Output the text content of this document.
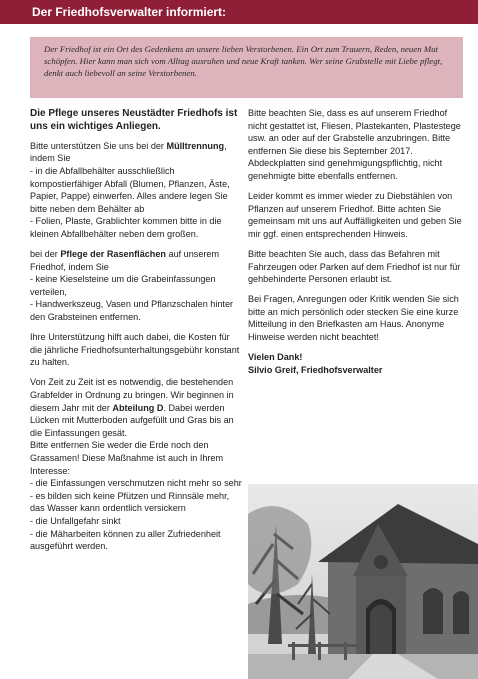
Der Friedhofsverwalter informiert:

Der Friedhof ist ein Ort des Gedenkens an unsere lieben Verstorbenen. Ein Ort zum Trauern, Reden, neuen Mut schöpfen. Hier kann man sich vom Alltag ausruhen und neue Kraft tanken. Wer seine Grabstelle mit Liebe pflegt, denkt auch liebevoll an seine Verstorbenen.

Die Pflege unseres Neustädter Friedhofs ist uns ein wichtiges Anliegen.

Bitte unterstützen Sie uns bei der Mülltrennung, indem Sie

- in die Abfallbehälter ausschließlich kompostierfähiger Abfall (Blumen, Pflanzen, Äste, Papier, Pappe) einwerfen. Alles andere legen Sie bitte neben dem Behälter ab

- Folien, Plaste, Grablichter kommen bitte in die kleinen Abfallbehälter neben dem großen.

bei der Pflege der Rasenflächen auf unserem Friedhof, indem Sie

- keine Kieselsteine um die Grabeinfassungen verteilen,

- Handwerkszeug, Vasen und Pflanzschalen hinter den Grabsteinen entfernen.

Ihre Unterstützung hilft auch dabei, die Kosten für die jährliche Friedhofsunterhaltungsgebühr konstant zu halten.

Von Zeit zu Zeit ist es notwendig, die bestehenden Grabfelder in Ordnung zu bringen. Wir beginnen in diesem Jahr mit der Abteilung D. Dabei werden Lücken mit Mutterboden aufgefüllt und Gras bis an die Einfassungen gesät.

Bitte entfernen Sie weder die Erde noch den Grassamen! Diese Maßnahme ist auch in Ihrem Interesse:

- die Einfassungen verschmutzen nicht mehr so sehr

- es bilden sich keine Pfützen und Rinnsäle mehr, das Wasser kann ordentlich versickern

- die Unfallgefahr sinkt

- die Mäharbeiten können zu aller Zufriedenheit ausgeführt werden.

Bitte beachten Sie, dass es auf unserem Friedhof nicht gestattet ist, Fliesen, Plastekanten, Plastestege usw. an oder auf der Grabstelle anzubringen. Bitte entfernen Sie diese bis September 2017. Abdeckplatten sind genehmigungspflichtig, nicht genehmigte bitte ebenfalls entfernen.

Leider kommt es immer wieder zu Diebstählen von Pflanzen auf unserem Friedhof. Bitte achten Sie gemeinsam mit uns auf Auffälligkeiten und geben Sie mir ggf. einen entsprechenden Hinweis.

Bitte beachten Sie auch, dass das Befahren mit Fahrzeugen oder Parken auf dem Friedhof ist nur für gehbehinderte Personen erlaubt ist.

Bei Fragen, Anregungen oder Kritik wenden Sie sich bitte an mich persönlich oder stecken Sie eine kurze Mitteilung in den Briefkasten am Haus. Anonyme Hinweise werden nicht beachtet!

Vielen Dank!

Silvio Greif, Friedhofsverwalter
